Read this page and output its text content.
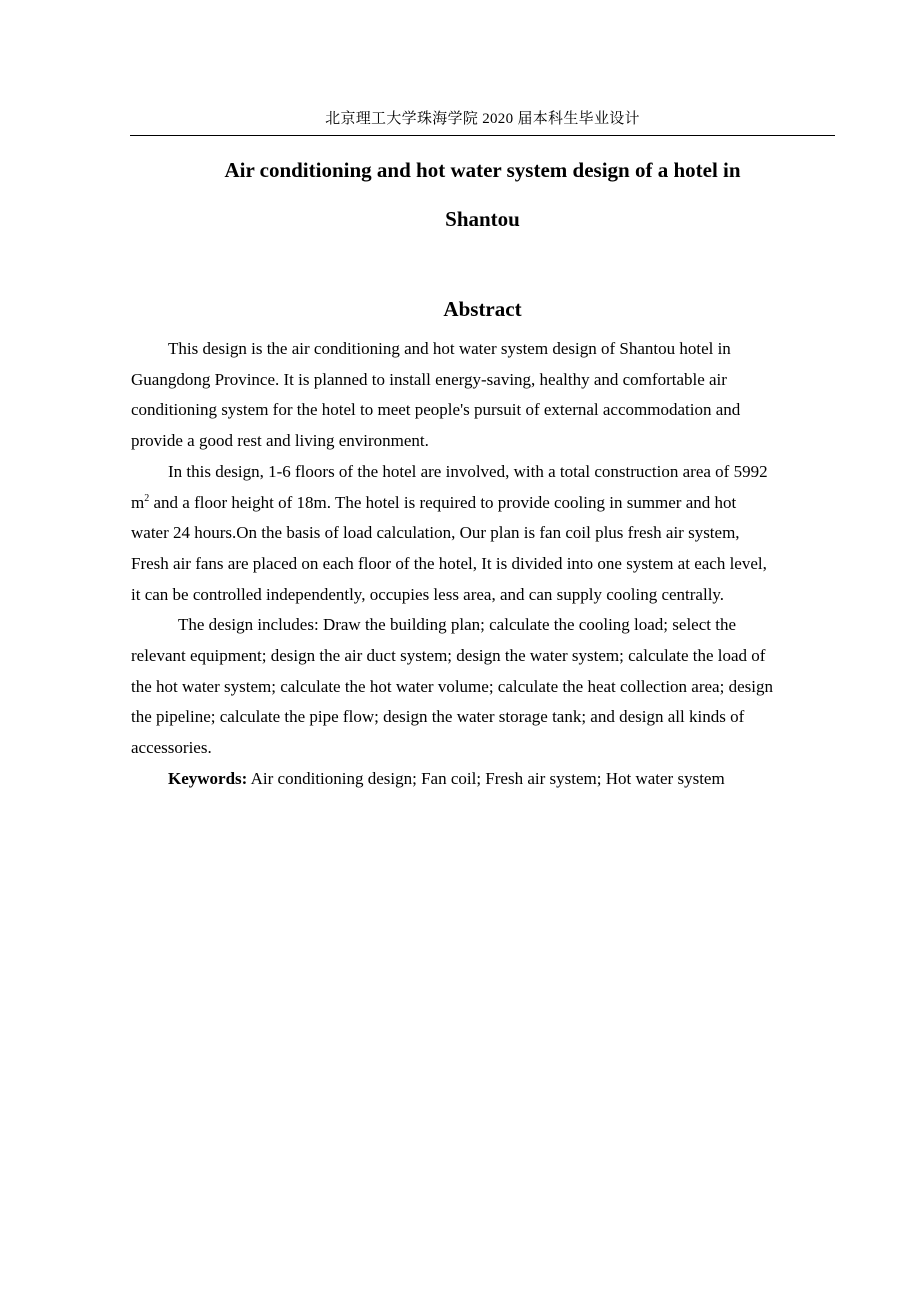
北京理工大学珠海学院 2020 届本科生毕业设计
Air conditioning and hot water system design of a hotel in
Shantou
Abstract
This design is the air conditioning and hot water system design of Shantou hotel in
Guangdong Province. It is planned to install energy-saving, healthy and comfortable air
conditioning system for the hotel to meet people's pursuit of external accommodation and
provide a good rest and living environment.
In this design, 1-6 floors of the hotel are involved, with a total construction area of 5992
$m^2$ and a floor height of 18m. The hotel is required to provide cooling in summer and hot
water 24 hours.On the basis of load calculation, Our plan is fan coil plus fresh air system,
Fresh air fans are placed on each floor of the hotel, It is divided into one system at each level,
it can be controlled independently, occupies less area, and can supply cooling centrally.
The design includes: Draw the building plan; calculate the cooling load; select the
relevant equipment; design the air duct system; design the water system; calculate the load of
the hot water system; calculate the hot water volume; calculate the heat collection area; design
the pipeline; calculate the pipe flow; design the water storage tank; and design all kinds of
accessories.
Keywords: Air conditioning design; Fan coil; Fresh air system; Hot water system
